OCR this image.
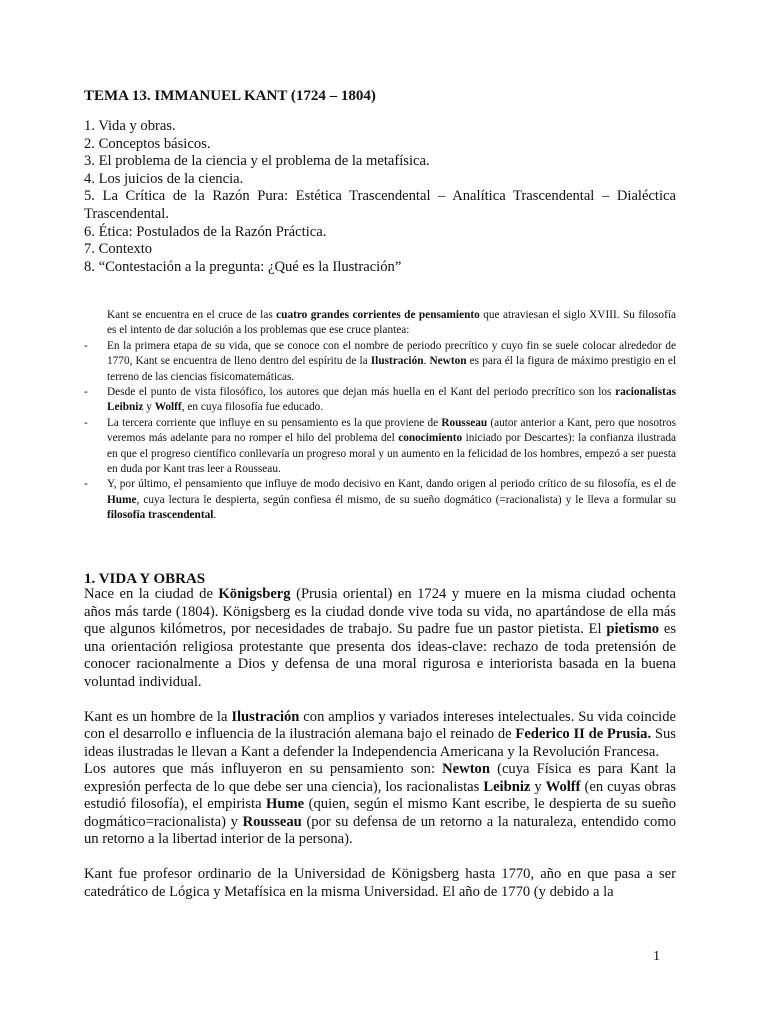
TEMA 13. IMMANUEL KANT (1724 – 1804)
1. Vida y obras.
2. Conceptos básicos.
3. El problema de la ciencia y el problema de la metafísica.
4. Los juicios de la ciencia.
5. La Crítica de la Razón Pura: Estética Trascendental – Analítica Trascendental – Dialéctica Trascendental.
6. Ética: Postulados de la Razón Práctica.
7. Contexto
8. “Contestación a la pregunta: ¿Qué es la Ilustración”

Kant se encuentra en el cruce de las cuatro grandes corrientes de pensamiento que atraviesan el siglo XVIII. Su filosofía es el intento de dar solución a los problemas que ese cruce plantea:

- En la primera etapa de su vida, que se conoce con el nombre de periodo precrítico y cuyo fin se suele colocar alrededor de 1770, Kant se encuentra de lleno dentro del espíritu de la Ilustración. Newton es para él la figura de máximo prestigio en el terreno de las ciencias físicomatemáticas.
- Desde el punto de vista filosófico, los autores que dejan más huella en el Kant del periodo precrítico son los racionalistas Leibniz y Wolff, en cuya filosofía fue educado.
- La tercera corriente que influye en su pensamiento es la que proviene de Rousseau (autor anterior a Kant, pero que nosotros veremos más adelante para no romper el hilo del problema del conocimiento iniciado por Descartes): la confianza ilustrada en que el progreso científico conllevaría un progreso moral y un aumento en la felicidad de los hombres, empezó a ser puesta en duda por Kant tras leer a Rousseau.
- Y, por último, el pensamiento que influye de modo decisivo en Kant, dando origen al periodo crítico de su filosofía, es el de Hume, cuya lectura le despierta, según confiesa él mismo, de su sueño dogmático (=racionalista) y le lleva a formular su filosofía trascendental.
1. VIDA Y OBRAS

Nace en la ciudad de Königsberg (Prusia oriental) en 1724 y muere en la misma ciudad ochenta años más tarde (1804). Königsberg es la ciudad donde vive toda su vida, no apartándose de ella más que algunos kilómetros, por necesidades de trabajo. Su padre fue un pastor pietista. El pietismo es una orientación religiosa protestante que presenta dos ideas-clave: rechazo de toda pretensión de conocer racionalmente a Dios y defensa de una moral rigurosa e interiorista basada en la buena voluntad individual.

Kant es un hombre de la Ilustración con amplios y variados intereses intelectuales. Su vida coincide con el desarrollo e influencia de la ilustración alemana bajo el reinado de Federico II de Prusia. Sus ideas ilustradas le llevan a Kant a defender la Independencia Americana y la Revolución Francesa.

Los autores que más influyeron en su pensamiento son: Newton (cuya Física es para Kant la expresión perfecta de lo que debe ser una ciencia), los racionalistas Leibniz y Wolff (en cuyas obras estudió filosofía), el empirista Hume (quien, según el mismo Kant escribe, le despierta de su sueño dogmático=racionalista) y Rousseau (por su defensa de un retorno a la naturaleza, entendido como un retorno a la libertad interior de la persona).

Kant fue profesor ordinario de la Universidad de Königsberg hasta 1770, año en que pasa a ser catedrático de Lógica y Metafísica en la misma Universidad. El año de 1770 (y debido a la

1
